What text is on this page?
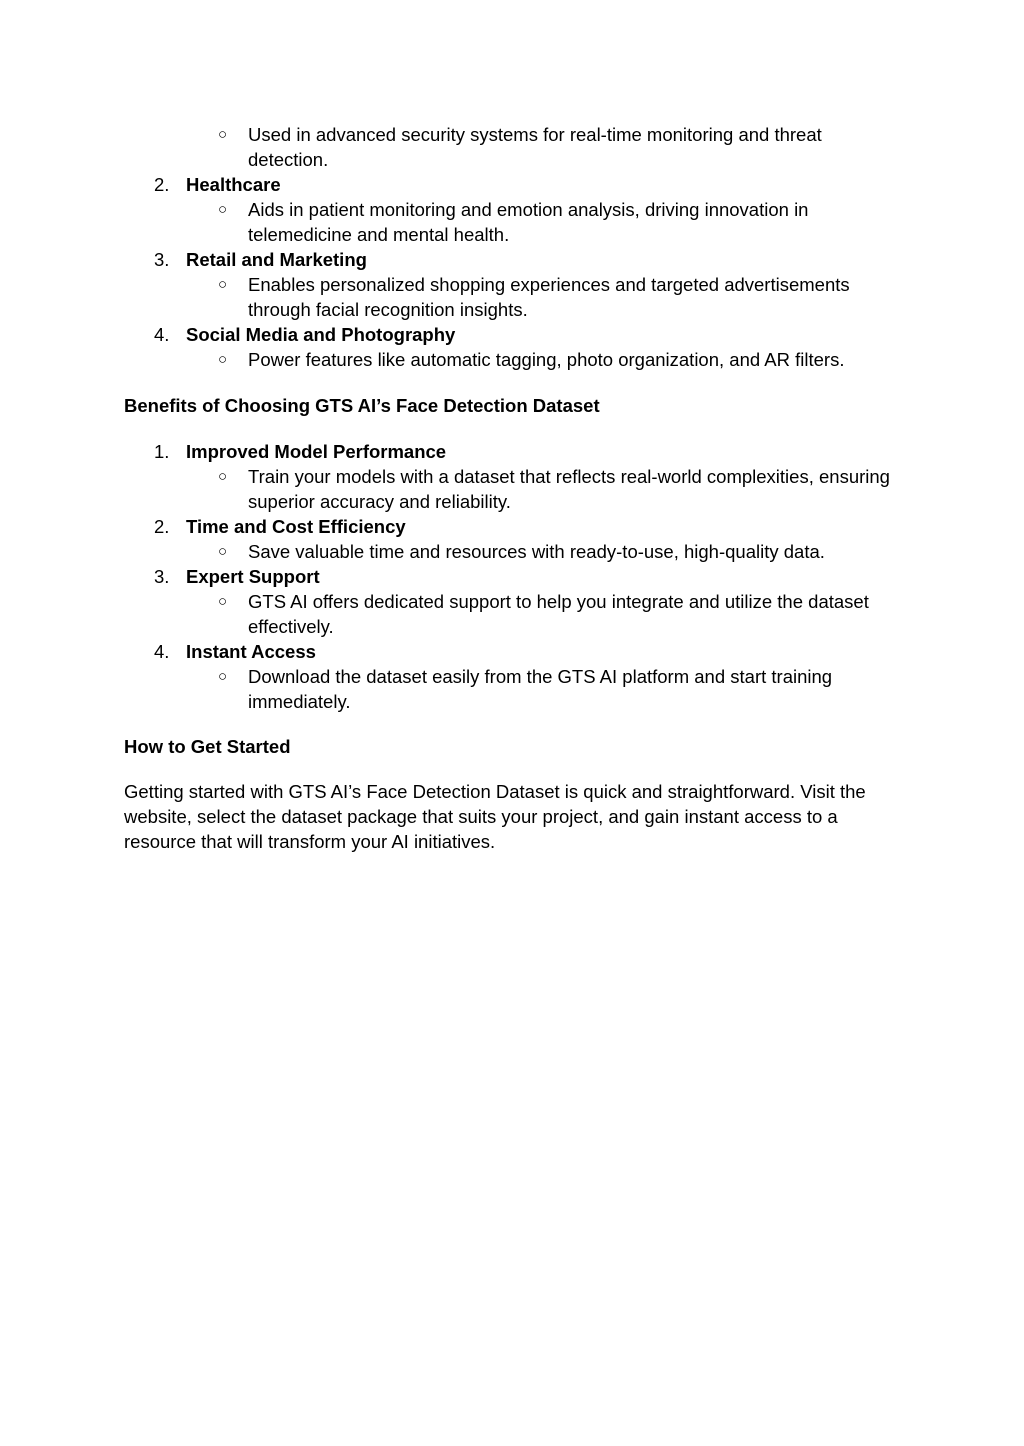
○ Used in advanced security systems for real-time monitoring and threat detection.
2. Healthcare
○ Aids in patient monitoring and emotion analysis, driving innovation in telemedicine and mental health.
3. Retail and Marketing
○ Enables personalized shopping experiences and targeted advertisements through facial recognition insights.
4. Social Media and Photography
○ Power features like automatic tagging, photo organization, and AR filters.
Benefits of Choosing GTS AI’s Face Detection Dataset
1. Improved Model Performance
○ Train your models with a dataset that reflects real-world complexities, ensuring superior accuracy and reliability.
2. Time and Cost Efficiency
○ Save valuable time and resources with ready-to-use, high-quality data.
3. Expert Support
○ GTS AI offers dedicated support to help you integrate and utilize the dataset effectively.
4. Instant Access
○ Download the dataset easily from the GTS AI platform and start training immediately.
How to Get Started

Getting started with GTS AI’s Face Detection Dataset is quick and straightforward. Visit the website, select the dataset package that suits your project, and gain instant access to a resource that will transform your AI initiatives.
